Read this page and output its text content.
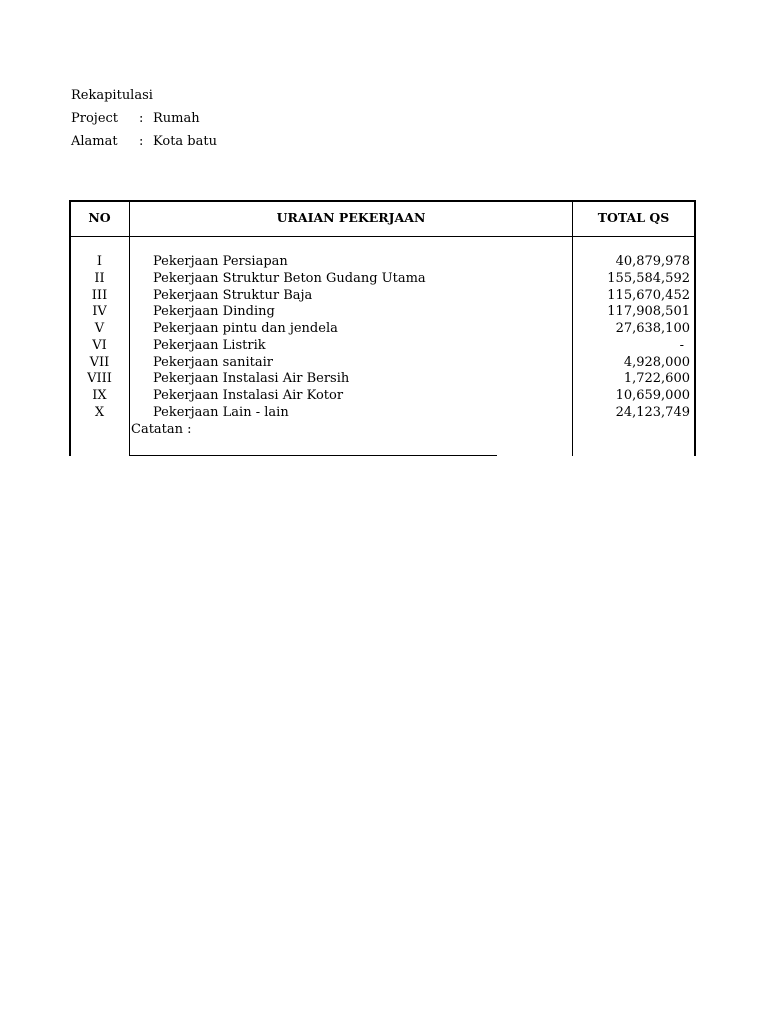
Rekapitulasi
Project : Rumah
Alamat : Kota batu
NO	URAIAN PEKERJAAN	TOTAL QS
I	Pekerjaan Persiapan	40,879,978
II	Pekerjaan Struktur Beton Gudang Utama	155,584,592
III	Pekerjaan Struktur Baja	115,670,452
IV	Pekerjaan Dinding	117,908,501
V	Pekerjaan pintu dan jendela	27,638,100
VI	Pekerjaan Listrik	-
VII	Pekerjaan sanitair	4,928,000
VIII	Pekerjaan Instalasi Air Bersih	1,722,600
IX	Pekerjaan Instalasi Air Kotor	10,659,000
X	Pekerjaan Lain - lain	24,123,749
Catatan :
